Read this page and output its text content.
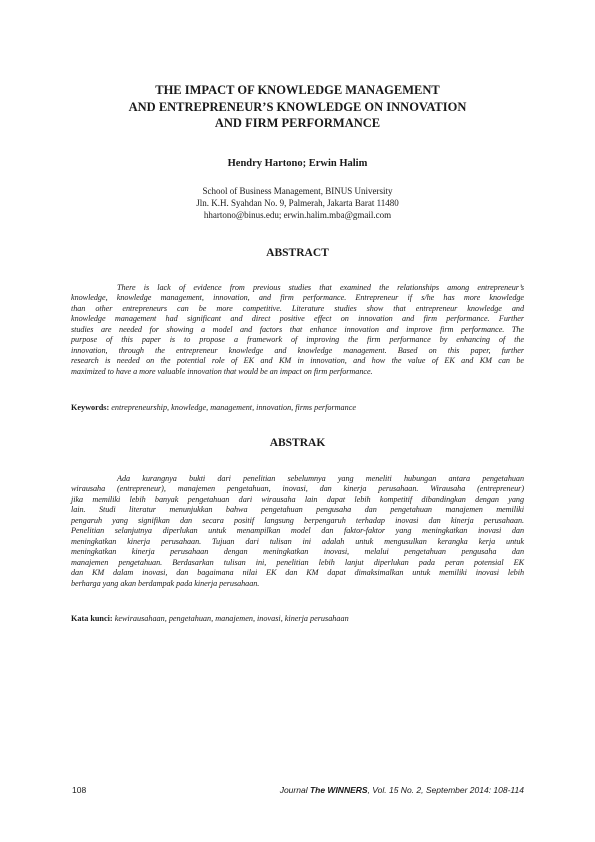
THE IMPACT OF KNOWLEDGE MANAGEMENT
AND ENTREPRENEUR’S KNOWLEDGE ON INNOVATION
AND FIRM PERFORMANCE
Hendry Hartono; Erwin Halim
School of Business Management, BINUS University
Jln. K.H. Syahdan No. 9, Palmerah, Jakarta Barat 11480
hhartono@binus.edu; erwin.halim.mba@gmail.com
ABSTRACT
There is lack of evidence from previous studies that examined the relationships among entrepreneur’s
knowledge, knowledge management, innovation, and firm performance. Entrepreneur if s/he has more knowledge
than other entrepreneurs can be more competitive. Literature studies show that entrepreneur knowledge and
knowledge management had significant and direct positive effect on innovation and firm performance. Further
studies are needed for showing a model and factors that enhance innovation and improve firm performance. The
purpose of this paper is to propose a framework of improving the firm performance by enhancing of the
innovation, through the entrepreneur knowledge and knowledge management. Based on this paper, further
research is needed on the potential role of EK and KM in innovation, and how the value of EK and KM can be
maximized to have a more valuable innovation that would be an impact on firm performance.
Keywords: entrepreneurship, knowledge, management, innovation, firms performance
ABSTRAK
Ada kurangnya bukti dari penelitian sebelumnya yang meneliti hubungan antara pengetahuan
wirausaha (entrepreneur), manajemen pengetahuan, inovasi, dan kinerja perusahaan. Wirausaha (entrepreneur)
jika memiliki lebih banyak pengetahuan dari wirausaha lain dapat lebih kompetitif dibandingkan dengan yang
lain. Studi literatur menunjukkan bahwa pengetahuan pengusaha dan pengetahuan manajemen memiliki
pengaruh yang signifikan dan secara positif langsung berpengaruh terhadap inovasi dan kinerja perusahaan.
Penelitian selanjutnya diperlukan untuk menampilkan model dan faktor-faktor yang meningkatkan inovasi dan
meningkatkan kinerja perusahaan. Tujuan dari tulisan ini adalah untuk mengusulkan kerangka kerja untuk
meningkatkan kinerja perusahaan dengan meningkatkan inovasi, melalui pengetahuan pengusaha dan
manajemen pengetahuan. Berdasarkan tulisan ini, penelitian lebih lanjut diperlukan pada peran potensial EK
dan KM dalam inovasi, dan bagaimana nilai EK dan KM dapat dimaksimalkan untuk memiliki inovasi lebih
berharga yang akan berdampak pada kinerja perusahaan.
Kata kunci: kewirausahaan, pengetahuan, manajemen, inovasi, kinerja perusahaan
108	Journal The WINNERS, Vol. 15 No. 2, September 2014: 108-114
